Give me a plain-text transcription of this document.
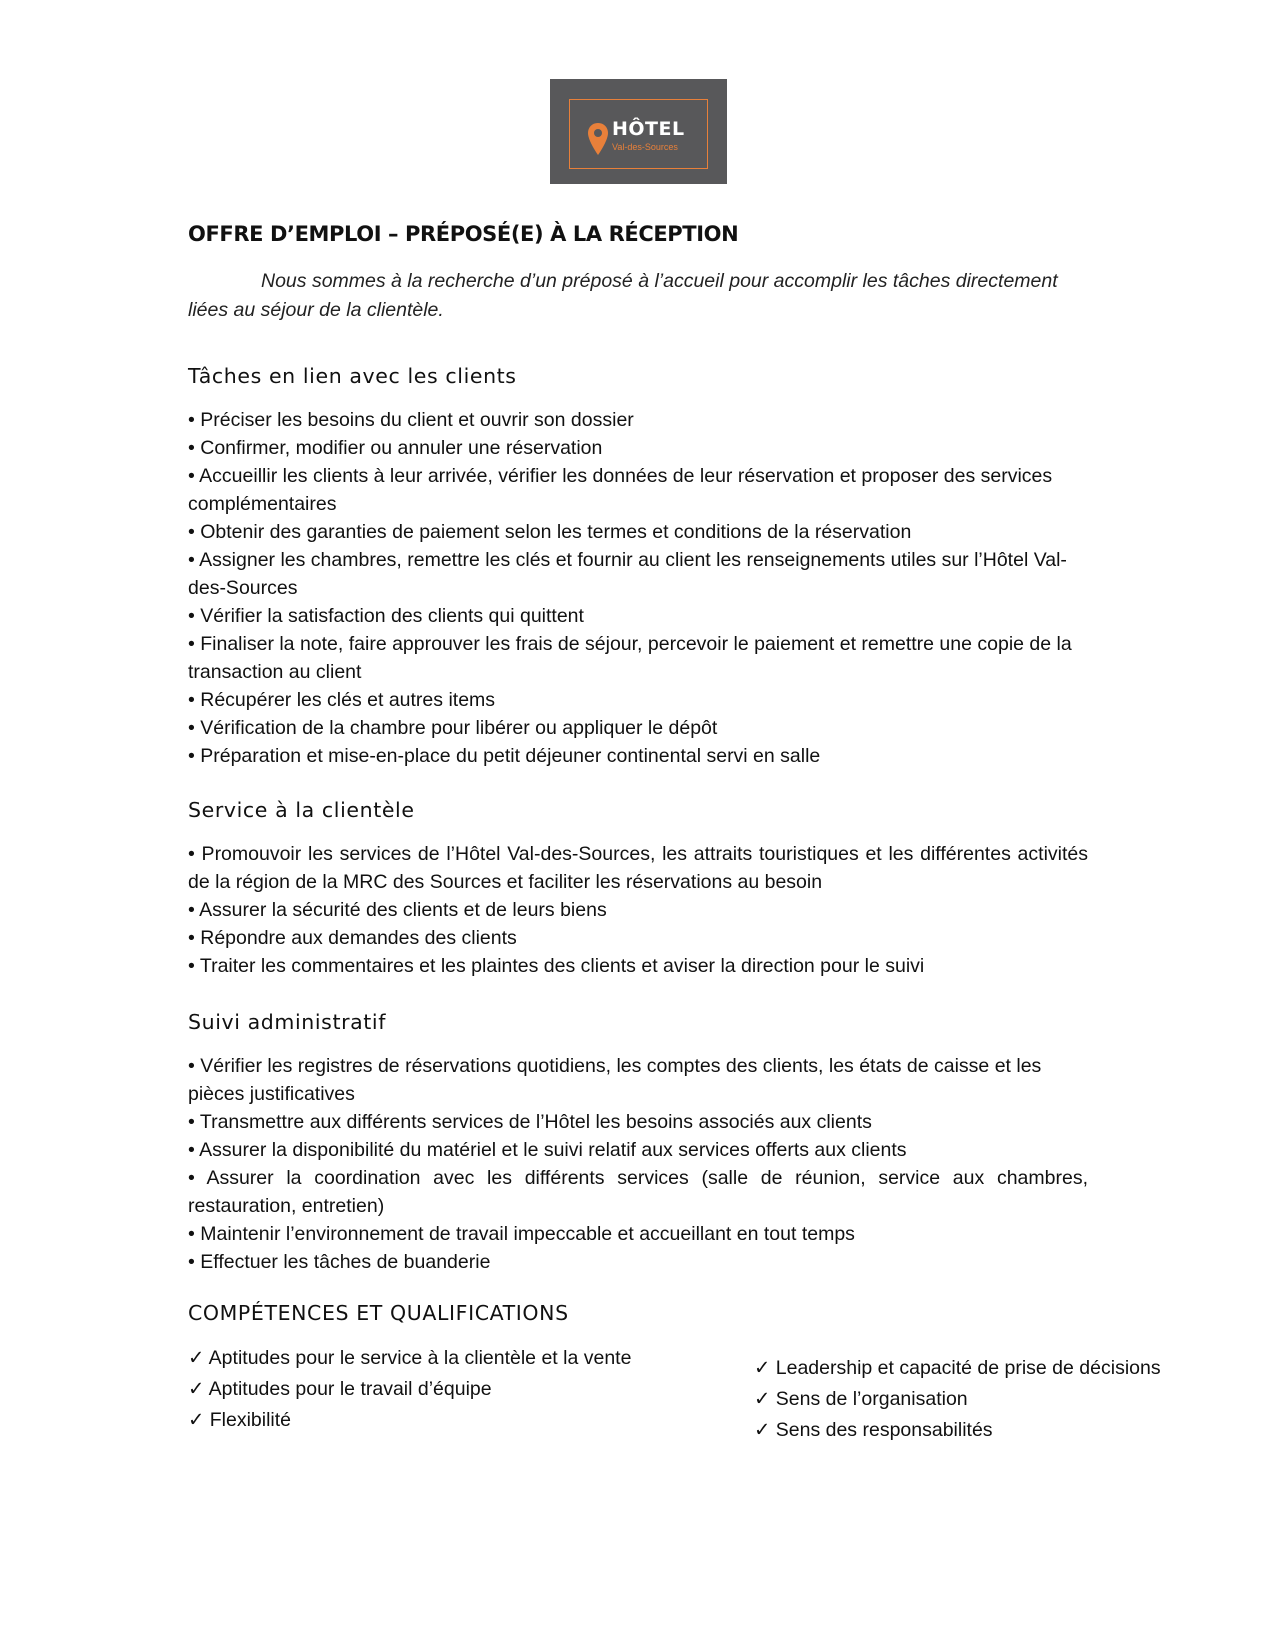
HÔTEL
Val-des-Sources
OFFRE D’EMPLOI – PRÉPOSÉ(E) À LA RÉCEPTION

Nous sommes à la recherche d’un préposé à l’accueil pour accomplir les tâches directement liées au séjour de la clientèle.

Tâches en lien avec les clients
• Préciser les besoins du client et ouvrir son dossier
• Confirmer, modifier ou annuler une réservation
• Accueillir les clients à leur arrivée, vérifier les données de leur réservation et proposer des services complémentaires
• Obtenir des garanties de paiement selon les termes et conditions de la réservation
• Assigner les chambres, remettre les clés et fournir au client les renseignements utiles sur l’Hôtel Val-des-Sources
• Vérifier la satisfaction des clients qui quittent
• Finaliser la note, faire approuver les frais de séjour, percevoir le paiement et remettre une copie de la transaction au client
• Récupérer les clés et autres items
• Vérification de la chambre pour libérer ou appliquer le dépôt
• Préparation et mise-en-place du petit déjeuner continental servi en salle
Service à la clientèle
• Promouvoir les services de l’Hôtel Val-des-Sources, les attraits touristiques et les différentes activités de la région de la MRC des Sources et faciliter les réservations au besoin
• Assurer la sécurité des clients et de leurs biens
• Répondre aux demandes des clients
• Traiter les commentaires et les plaintes des clients et aviser la direction pour le suivi
Suivi administratif
• Vérifier les registres de réservations quotidiens, les comptes des clients, les états de caisse et les pièces justificatives
• Transmettre aux différents services de l’Hôtel les besoins associés aux clients
• Assurer la disponibilité du matériel et le suivi relatif aux services offerts aux clients
• Assurer la coordination avec les différents services (salle de réunion, service aux chambres, restauration, entretien)
• Maintenir l’environnement de travail impeccable et accueillant en tout temps
• Effectuer les tâches de buanderie
COMPÉTENCES ET QUALIFICATIONS
✓ Aptitudes pour le service à la clientèle et la vente
✓ Aptitudes pour le travail d’équipe
✓ Flexibilité
✓ Leadership et capacité de prise de décisions
✓ Sens de l’organisation
✓ Sens des responsabilités
